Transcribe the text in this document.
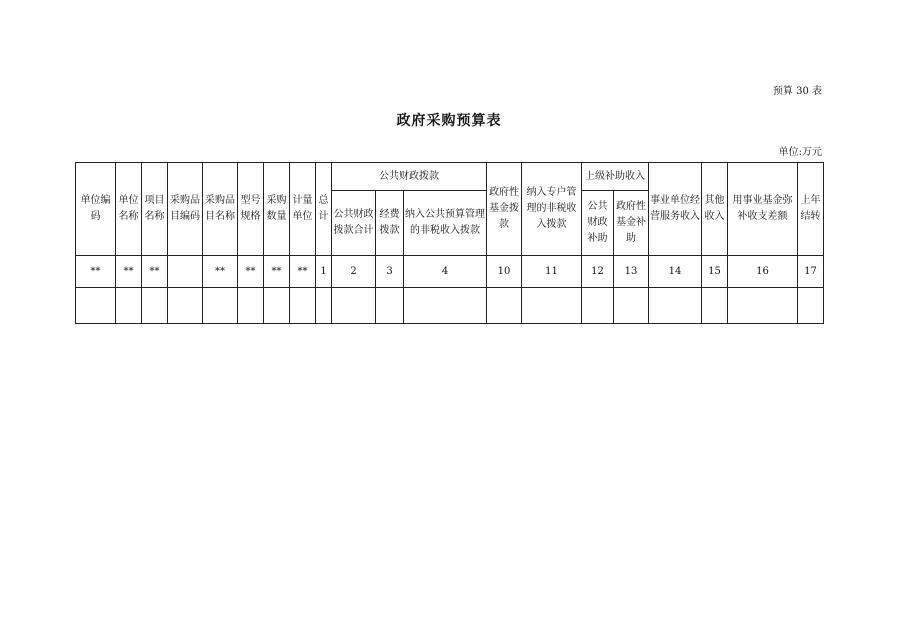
预算 30 表
政府采购预算表
单位:万元
单位编码	单位名称	项目名称	采购品目编码	采购品目名称	型号规格	采购数量	计量单位	总计	公共财政拨款			政府性基金拨款	纳入专户管理的非税收入拨款	上级补助收入		事业单位经营服务收入	其他收入	用事业基金弥补收支差额	上年结转

									公共财政拨款合计	经费拨款	纳入公共预算管理的非税收入拨款								

														公共财政补助	政府性基金补助				

**	**	**		**	**	**	**	1	2	3	4	10	11	12	13	14	15	16	17
